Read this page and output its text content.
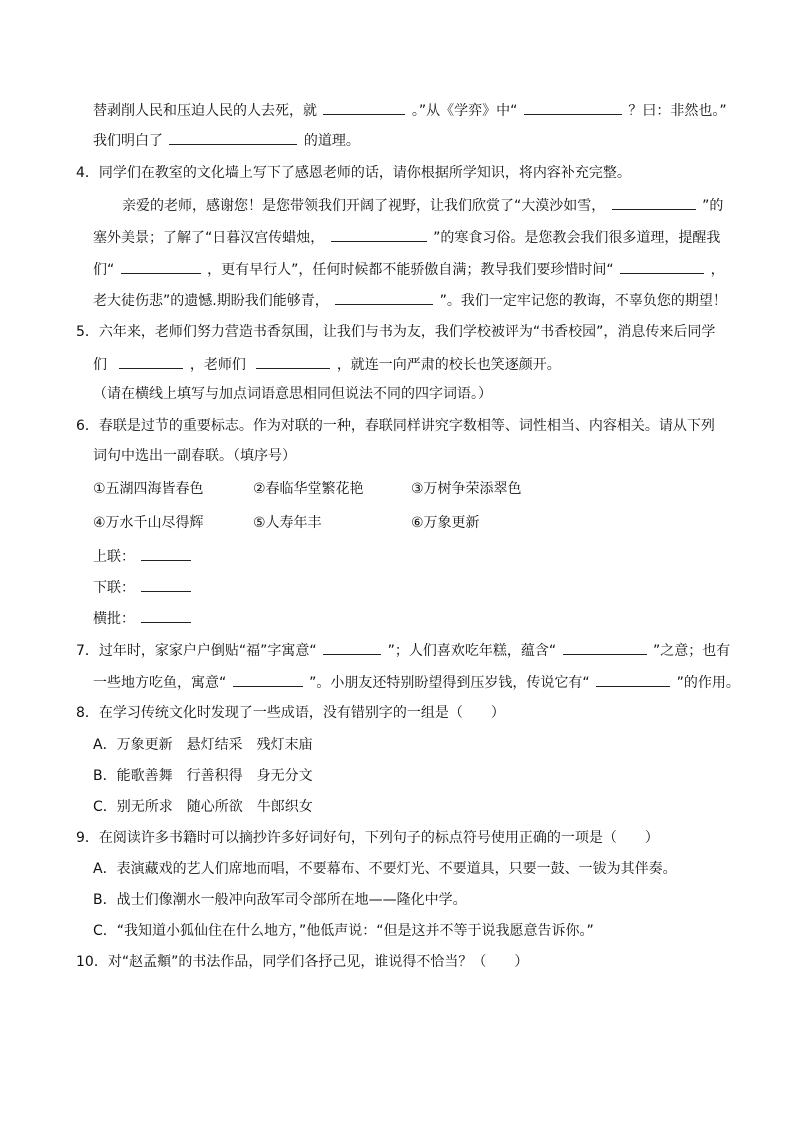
替剥削人民和压迫人民的人去死，就	。”从《学弈》中“	？曰：非然也。”
我们明白了	的道理。
4．同学们在教室的文化墙上写下了感恩老师的话，请你根据所学知识，将内容补充完整。
亲爱的老师，感谢您！是您带领我们开阔了视野，让我们欣赏了“大漠沙如雪，	”的
塞外美景；了解了“日暮汉宫传蜡烛，	”的寒食习俗。是您教会我们很多道理，提醒我
们“	，更有早行人”，任何时候都不能骄傲自满；教导我们要珍惜时间“	，
老大徒伤悲”的遗憾.期盼我们能够青，	”。我们一定牢记您的教诲，不辜负您的期望！
5．六年来，老师们努力营造书香氛围，让我们与书为友，我们学校被评为“书香校园”，消息传来后同学
们	，老师们	，就连一向严肃的校长也笑逐颜开。
（请在横线上填写与加点词语意思相同但说法不同的四字词语。）
6．春联是过节的重要标志。作为对联的一种，春联同样讲究字数相等、词性相当、内容相关。请从下列
词句中选出一副春联。（填序号）
①五湖四海皆春色	②春临华堂繁花艳	③万树争荣添翠色
④万水千山尽得辉	⑤人寿年丰	⑥万象更新
上联：
下联：
横批：
7．过年时，家家户户倒贴“福”字寓意“	”；人们喜欢吃年糕，蕴含“	”之意；也有
一些地方吃鱼，寓意“	”。小朋友还特别盼望得到压岁钱，传说它有“	”的作用。
8．在学习传统文化时发现了一些成语，没有错别字的一组是（　　）
A．万象更新　悬灯结采　残灯末庙
B．能歌善舞　行善积得　身无分文
C．别无所求　随心所欲　牛郎织女
9．在阅读许多书籍时可以摘抄许多好词好句，下列句子的标点符号使用正确的一项是（　　）
A．表演藏戏的艺人们席地而唱，不要幕布、不要灯光、不要道具，只要一鼓、一钹为其伴奏。
B．战士们像潮水一般冲向敌军司令部所在地——隆化中学。
C．“我知道小狐仙住在什么地方，”他低声说：“但是这并不等于说我愿意告诉你。”
10．对“赵孟頫”的书法作品，同学们各抒己见，谁说得不恰当？（　　）
